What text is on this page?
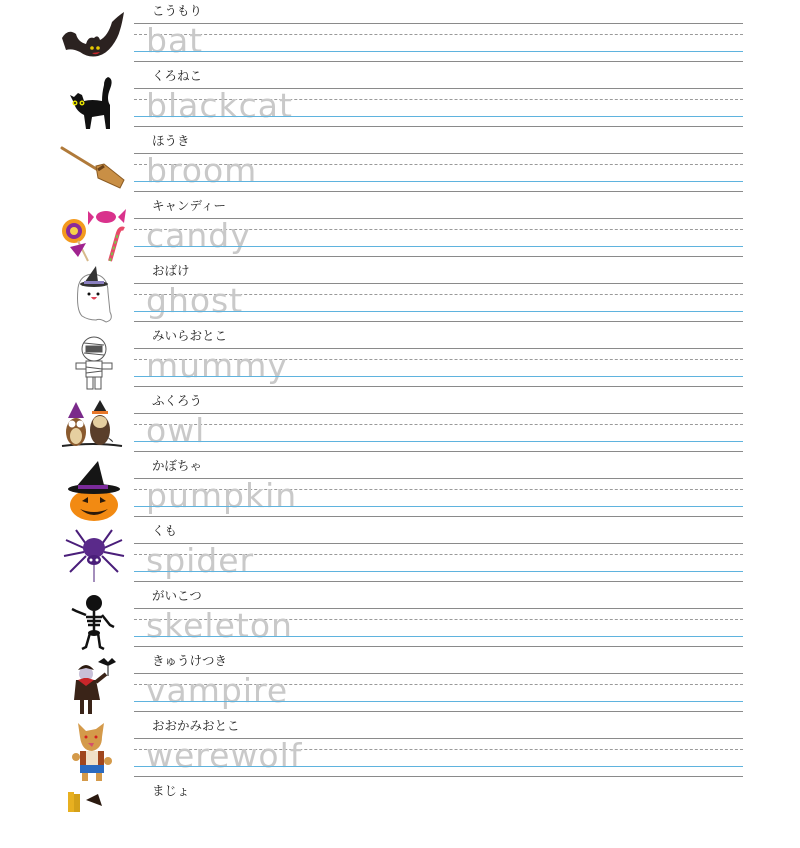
こうもり
bat
くろねこ
blackcat
ほうき
broom
キャンディー
candy
おばけ
ghost
みいらおとこ
mummy
ふくろう
owl
かぼちゃ
pumpkin
くも
spider
がいこつ
skeleton
きゅうけつき
vampire
おおかみおとこ
werewolf
まじょ
